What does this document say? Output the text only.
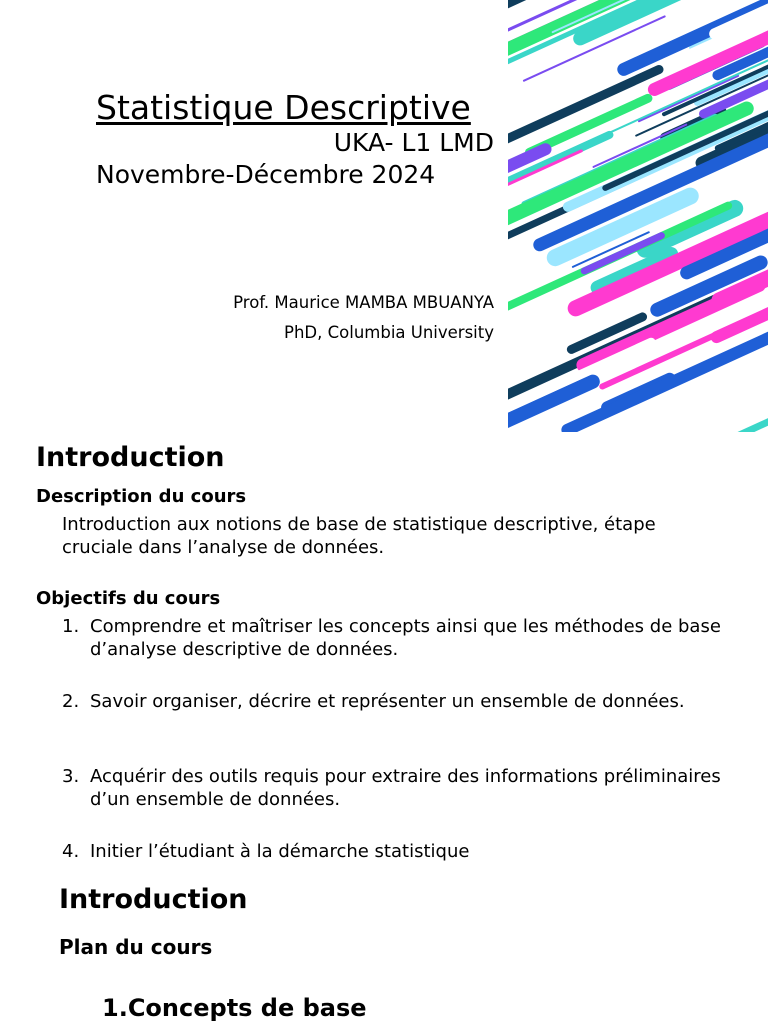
Statistique Descriptive
UKA- L1 LMD
Novembre-Décembre 2024
Prof. Maurice MAMBA MBUANYA
PhD, Columbia University
Introduction
Description du cours
Introduction aux notions de base de statistique descriptive, étape cruciale dans l’analyse de données.
Objectifs du cours
1. Comprendre et maîtriser les concepts ainsi que les méthodes de base d’analyse descriptive de données.
2. Savoir organiser, décrire et représenter un ensemble de données.
3. Acquérir des outils requis pour extraire des informations préliminaires d’un ensemble de données.
4. Initier l’étudiant à la démarche statistique
Introduction
Plan du cours
1.Concepts de base
